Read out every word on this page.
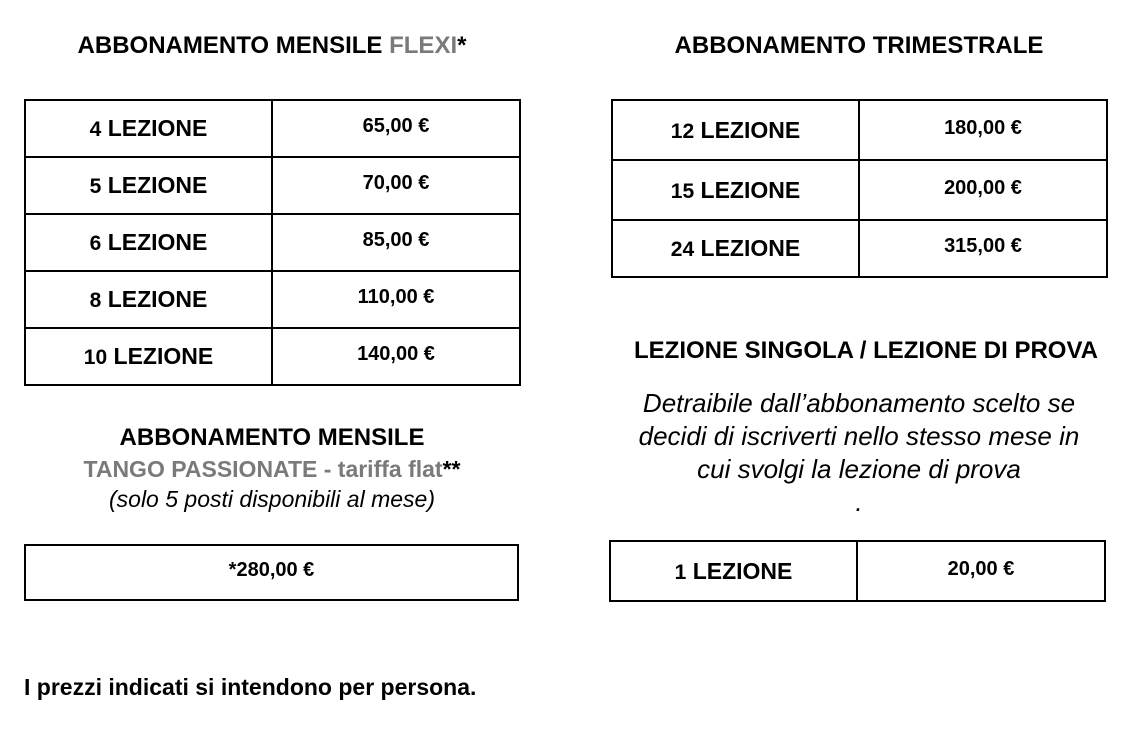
ABBONAMENTO MENSILE FLEXI*
4 LEZIONE	65,00 €
5 LEZIONE	70,00 €
6 LEZIONE	85,00 €
8 LEZIONE	110,00 €
10 LEZIONE	140,00 €
ABBONAMENTO MENSILE
TANGO PASSIONATE - tariffa flat**
(solo 5 posti disponibili al mese)
*280,00 €
ABBONAMENTO TRIMESTRALE
12 LEZIONE	180,00 €
15 LEZIONE	200,00 €
24 LEZIONE	315,00 €
LEZIONE SINGOLA / LEZIONE DI PROVA
Detraibile dall’abbonamento scelto se
decidi di iscriverti nello stesso mese in
cui svolgi la lezione di prova
.
1 LEZIONE	20,00 €
I prezzi indicati si intendono per persona.
